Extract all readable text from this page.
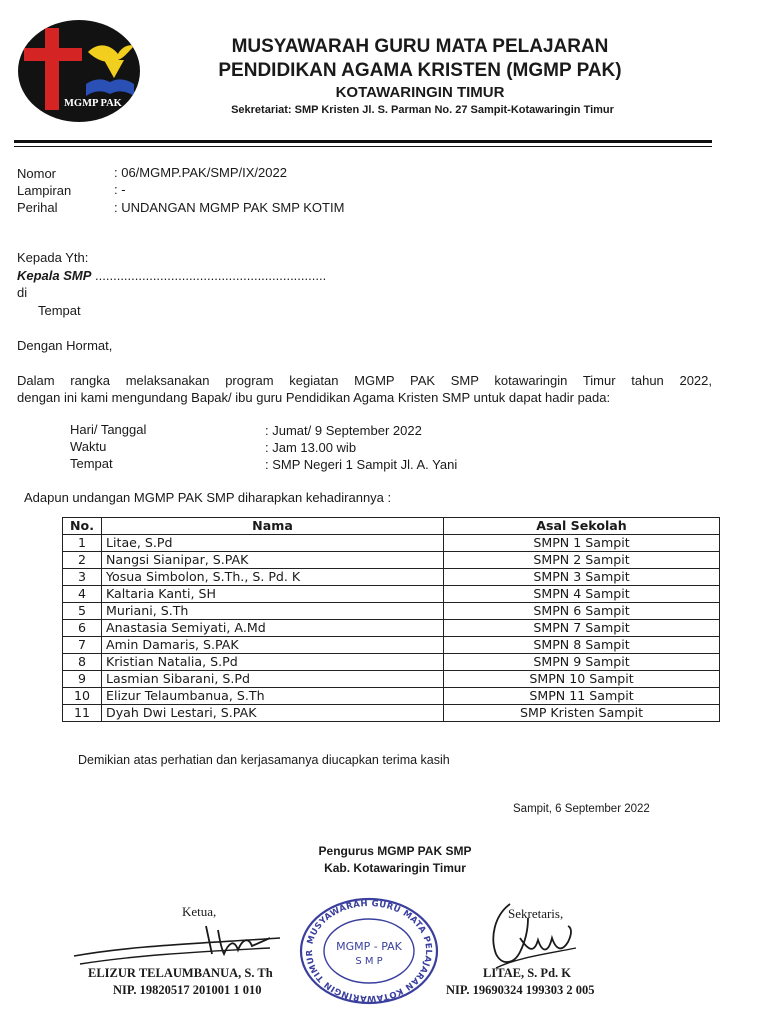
MGMP PAK
MUSYAWARAH GURU MATA PELAJARAN
PENDIDIKAN AGAMA KRISTEN (MGMP PAK)
KOTAWARINGIN TIMUR
Sekretariat: SMP Kristen Jl. S. Parman No. 27 Sampit-Kotawaringin Timur
Nomor	: 06/MGMP.PAK/SMP/IX/2022
Lampiran	: -
Perihal	: UNDANGAN MGMP PAK SMP KOTIM
Kepada Yth:
Kepala SMP ................................................................
di
Tempat
Dengan Hormat,
Dalam rangka melaksanakan program kegiatan MGMP PAK SMP kotawaringin Timur tahun 2022,
dengan ini kami mengundang Bapak/ ibu guru Pendidikan Agama Kristen SMP untuk dapat hadir pada:
Hari/ Tanggal	: Jumat/ 9 September 2022
Waktu	: Jam 13.00 wib
Tempat	: SMP Negeri 1 Sampit Jl. A. Yani
Adapun undangan MGMP PAK SMP diharapkan kehadirannya :
No.	Nama	Asal Sekolah
1	Litae, S.Pd	SMPN 1 Sampit
2	Nangsi Sianipar, S.PAK	SMPN 2 Sampit
3	Yosua Simbolon, S.Th., S. Pd. K	SMPN 3 Sampit
4	Kaltaria Kanti, SH	SMPN 4 Sampit
5	Muriani, S.Th	SMPN 6 Sampit
6	Anastasia Semiyati, A.Md	SMPN 7 Sampit
7	Amin Damaris, S.PAK	SMPN 8 Sampit
8	Kristian Natalia, S.Pd	SMPN 9 Sampit
9	Lasmian Sibarani, S.Pd	SMPN 10 Sampit
10	Elizur Telaumbanua, S.Th	SMPN 11 Sampit
11	Dyah Dwi Lestari, S.PAK	SMP Kristen Sampit
Demikian atas perhatian dan kerjasamanya diucapkan terima kasih
Sampit, 6 September 2022
Pengurus MGMP PAK SMP
Kab. Kotawaringin Timur
Ketua,
ELIZUR TELAUMBANUA, S. Th
NIP. 19820517 201001 1 010
Sekretaris,
LITAE, S. Pd. K
NIP. 19690324 199303 2 005
MUSYAWARAH GURU MATA PELAJARAN KOTAWARINGIN TIMUR	MGMP - PAK
S M P
